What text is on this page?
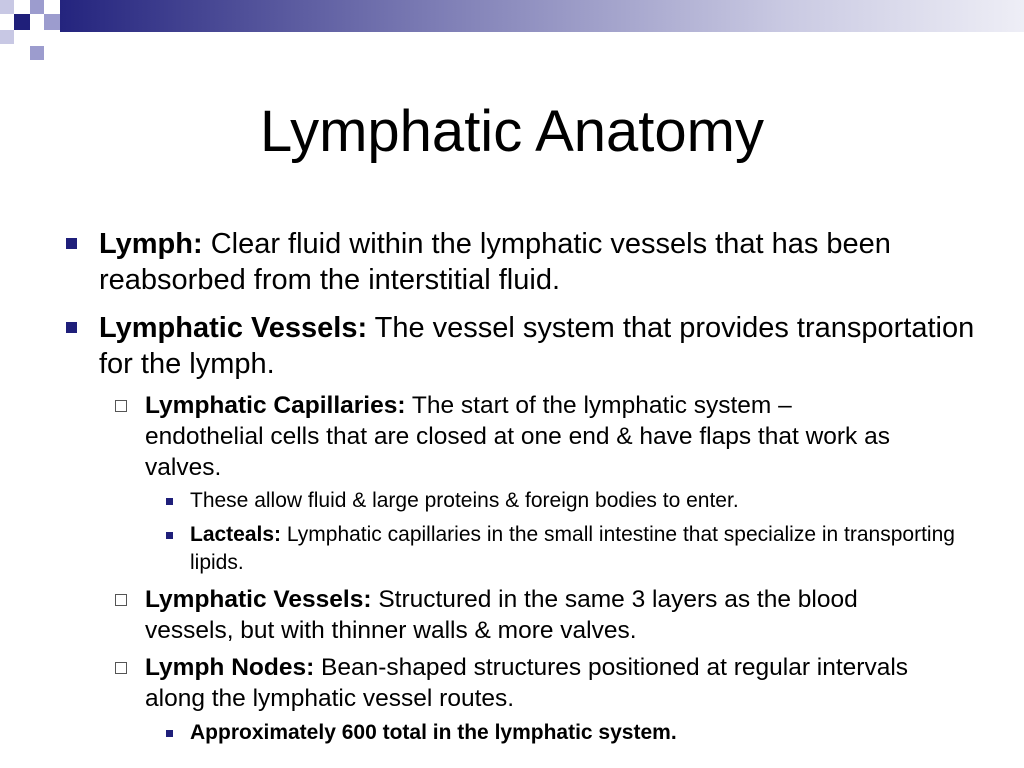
Lymphatic Anatomy
Lymph: Clear fluid within the lymphatic vessels that has been reabsorbed from the interstitial fluid.
Lymphatic Vessels: The vessel system that provides transportation for the lymph.
Lymphatic Capillaries: The start of the lymphatic system – endothelial cells that are closed at one end & have flaps that work as valves.
These allow fluid & large proteins & foreign bodies to enter.
Lacteals: Lymphatic capillaries in the small intestine that specialize in transporting lipids.
Lymphatic Vessels: Structured in the same 3 layers as the blood vessels, but with thinner walls & more valves.
Lymph Nodes: Bean-shaped structures positioned at regular intervals along the lymphatic vessel routes.
Approximately 600 total in the lymphatic system.
